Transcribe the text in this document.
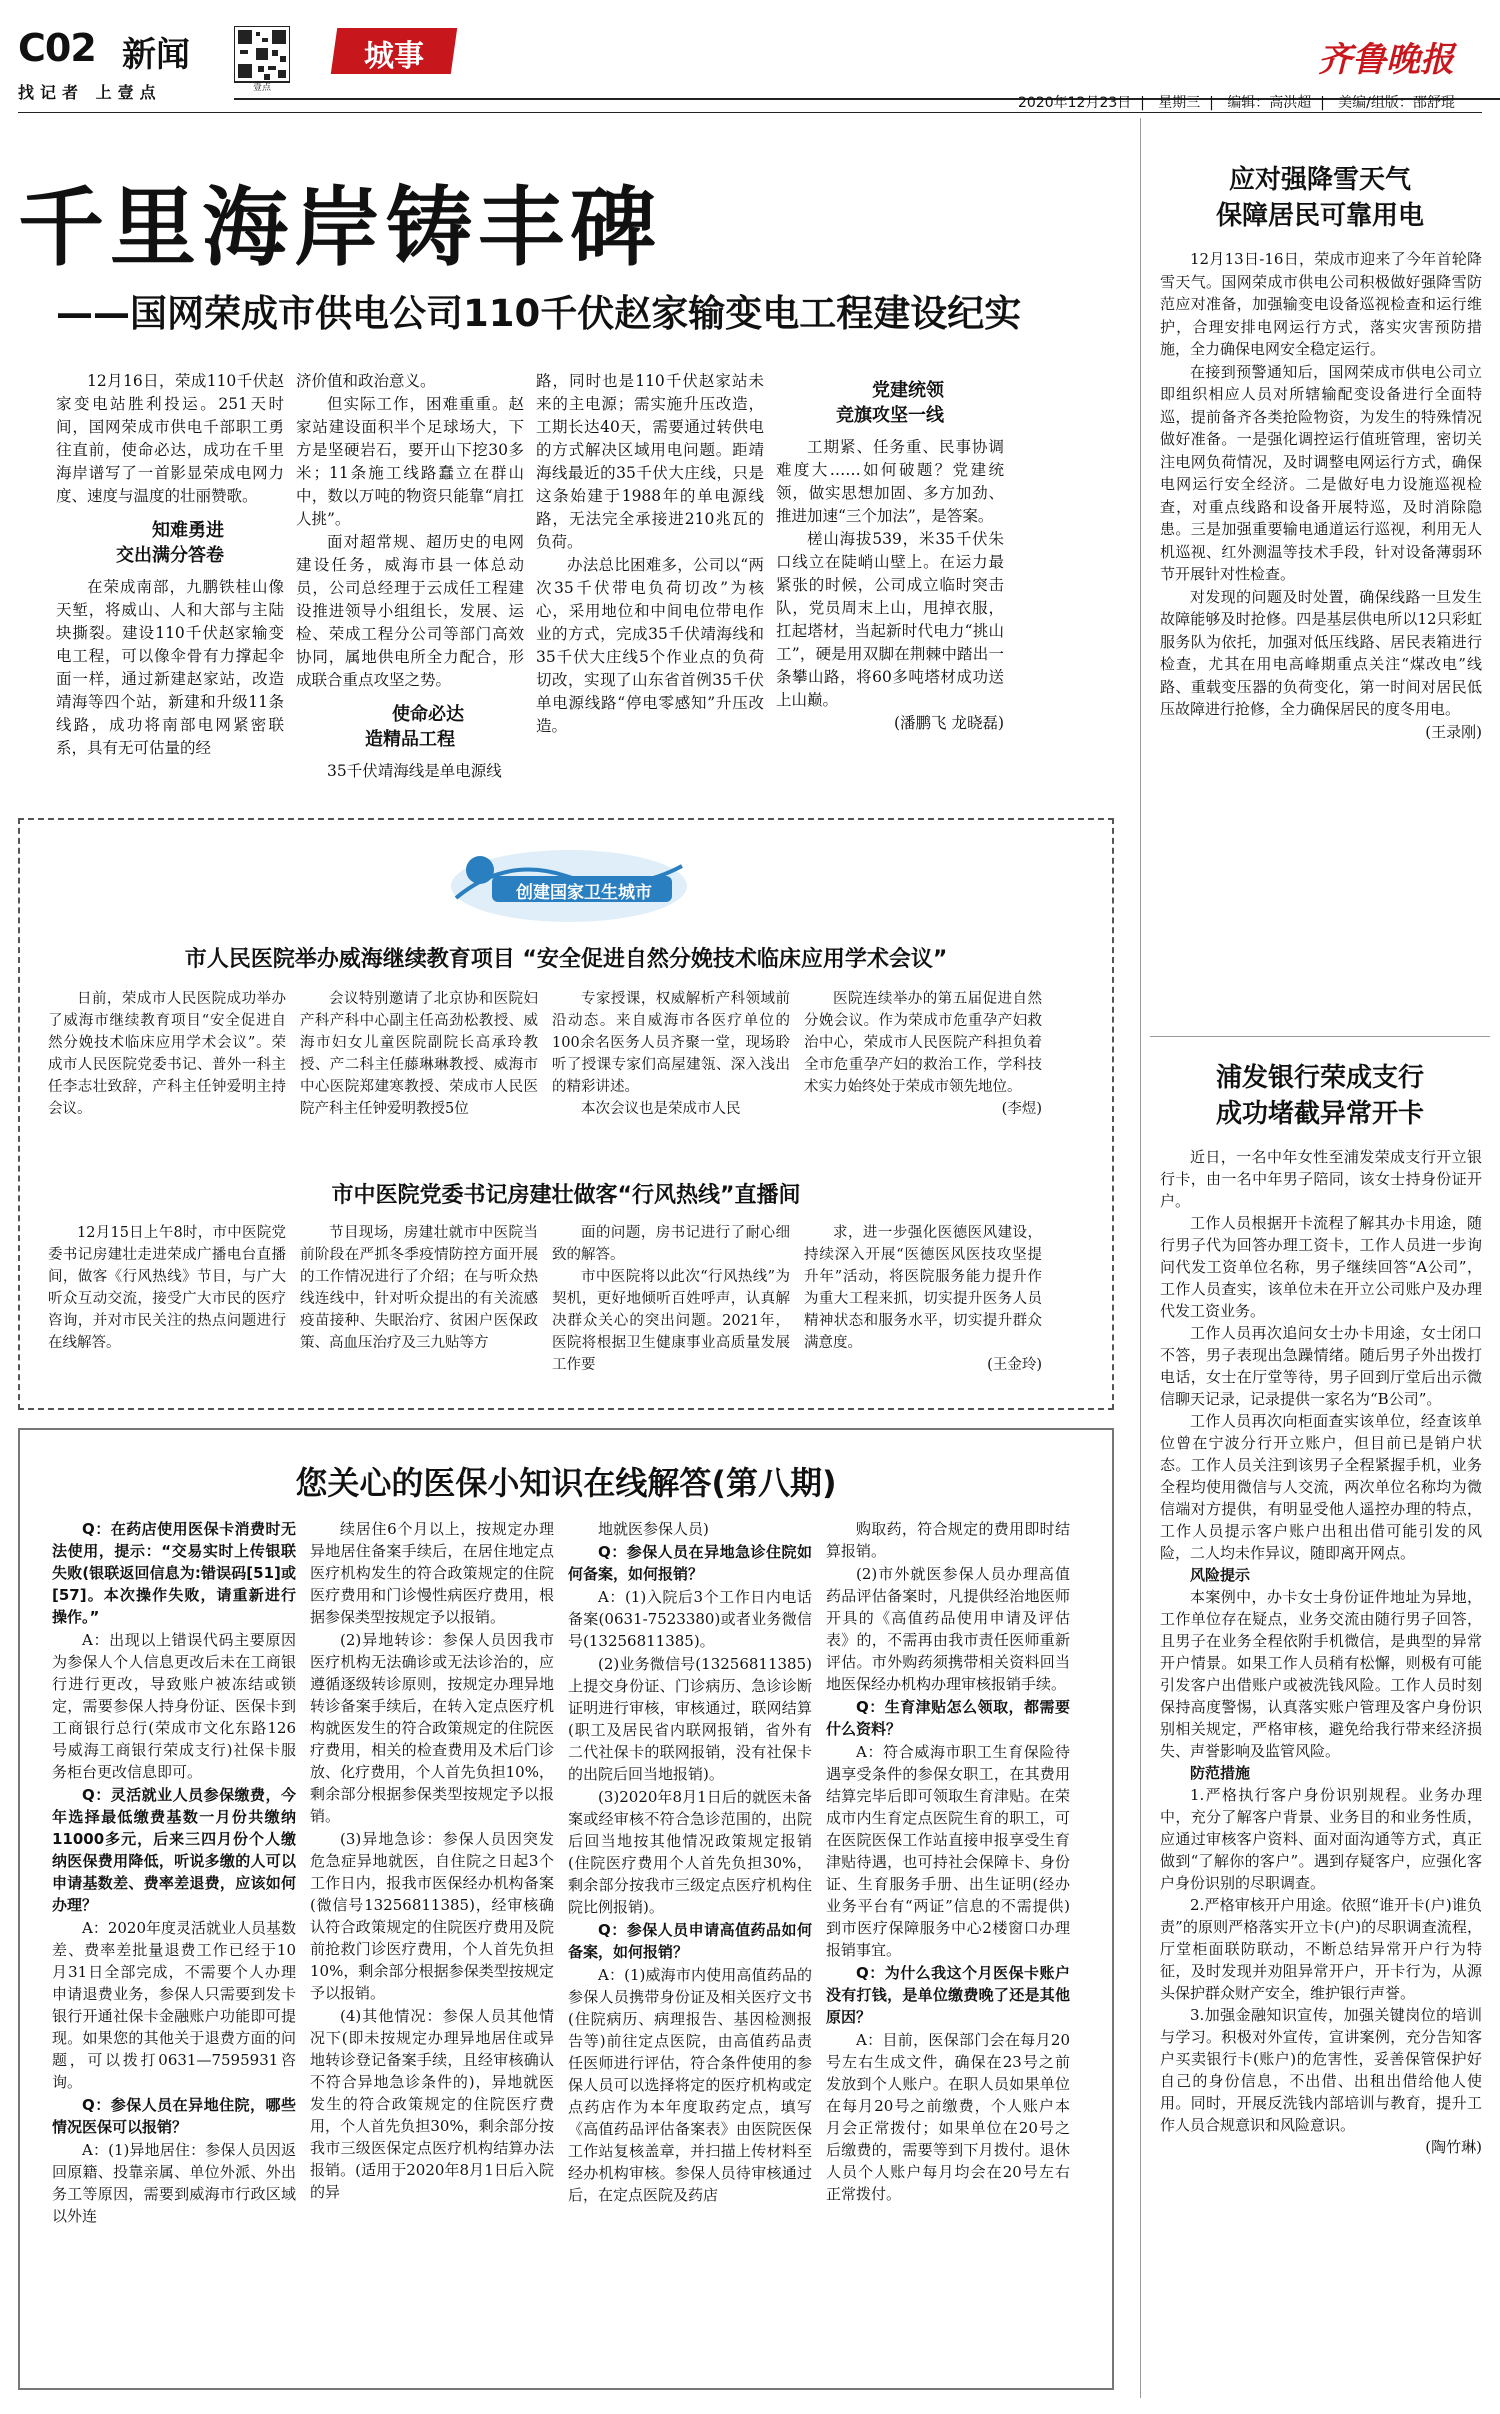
C02 新闻
找记者 上壹点	壹点
城事	齐鲁晚报
2020年12月23日  |   星期三  |   编辑：高洪超  |   美编/组版：邵舒琨
千里海岸铸丰碑
——国网荣成市供电公司110千伏赵家输变电工程建设纪实

12月16日，荣成110千伏赵家变电站胜利投运。251天时间，国网荣成市供电千部职工勇往直前，使命必达，成功在千里海岸谱写了一首影显荣成电网力度、速度与温度的壮丽赞歌。

知难勇进
交出满分答卷

在荣成南部，九鹏铁桂山像天堑，将威山、人和大部与主陆块撕裂。建设110千伏赵家输变电工程，可以像伞骨有力撑起伞面一样，通过新建赵家站，改造靖海等四个站，新建和升级11条线路，成功将南部电网紧密联系，具有无可估量的经

济价值和政治意义。

但实际工作，困难重重。赵家站建设面积半个足球场大，下方是坚硬岩石，要开山下挖30多米；11条施工线路蠢立在群山中，数以万吨的物资只能靠“肩扛人挑”。

面对超常规、超历史的电网建设任务，威海市县一体总动员，公司总经理于云成任工程建设推进领导小组组长，发展、运检、荣成工程分公司等部门高效协同，属地供电所全力配合，形成联合重点攻坚之势。

使命必达
造精品工程

35千伏靖海线是单电源线

路，同时也是110千伏赵家站未来的主电源；需实施升压改造，工期长达40天，需要通过转供电的方式解决区域用电问题。距靖海线最近的35千伏大庄线，只是这条始建于1988年的单电源线路，无法完全承接进210兆瓦的负荷。

办法总比困难多，公司以“两次35千伏带电负荷切改”为核心，采用地位和中间电位带电作业的方式，完成35千伏靖海线和35千伏大庄线5个作业点的负荷切改，实现了山东省首例35千伏单电源线路“停电零感知”升压改造。

党建统领
竞旗攻坚一线

工期紧、任务重、民事协调难度大……如何破题？党建统领，做实思想加固、多方加劲、推进加速“三个加法”，是答案。

槎山海拔539，米35千伏朱口线立在陡峭山壁上。在运力最紧张的时候，公司成立临时突击队，党员周末上山，甩掉衣服，扛起塔材，当起新时代电力“挑山工”，硬是用双脚在荆棘中踏出一条攀山路，将60多吨塔材成功送上山巅。

(潘鹏飞 龙晓磊)

创建国家卫生城市
市人民医院举办威海继续教育项目 “安全促进自然分娩技术临床应用学术会议”

日前，荣成市人民医院成功举办了威海市继续教育项目“安全促进自然分娩技术临床应用学术会议”。荣成市人民医院党委书记、普外一科主任李志壮致辞，产科主任钟爱明主持会议。

会议特别邀请了北京协和医院妇产科产科中心副主任高劲松教授、威海市妇女儿童医院副院长高承玲教授、产二科主任藤琳琳教授、威海市中心医院郑建寒教授、荣成市人民医院产科主任钟爱明教授5位

专家授课，权威解析产科领域前沿动态。来自威海市各医疗单位的100余名医务人员齐聚一堂，现场聆听了授课专家们高屋建瓴、深入浅出的精彩讲述。

本次会议也是荣成市人民

医院连续举办的第五届促进自然分娩会议。作为荣成市危重孕产妇救治中心，荣成市人民医院产科担负着全市危重孕产妇的救治工作，学科技术实力始终处于荣成市领先地位。

(李煜)

市中医院党委书记房建壮做客“行风热线”直播间

12月15日上午8时，市中医院党委书记房建壮走进荣成广播电台直播间，做客《行风热线》节目，与广大听众互动交流，接受广大市民的医疗咨询，并对市民关注的热点问题进行在线解答。

节目现场，房建壮就市中医院当前阶段在严抓冬季疫情防控方面开展的工作情况进行了介绍；在与听众热线连线中，针对听众提出的有关流感疫苗接种、失眠治疗、贫困户医保政策、高血压治疗及三九贴等方

面的问题，房书记进行了耐心细致的解答。

市中医院将以此次“行风热线”为契机，更好地倾听百姓呼声，认真解决群众关心的突出问题。2021年，医院将根据卫生健康事业高质量发展工作要

求，进一步强化医德医风建设，持续深入开展“医德医风医技攻坚提升年”活动，将医院服务能力提升作为重大工程来抓，切实提升医务人员精神状态和服务水平，切实提升群众满意度。

(王金玲)

您关心的医保小知识在线解答(第八期)

Q：在药店使用医保卡消费时无法使用，提示：“交易实时上传银联失败(银联返回信息为:错误码[51]或[57]。本次操作失败，请重新进行操作。”

A：出现以上错误代码主要原因为参保人个人信息更改后未在工商银行进行更改，导致账户被冻结或锁定，需要参保人持身份证、医保卡到工商银行总行(荣成市文化东路126号威海工商银行荣成支行)社保卡服务柜台更改信息即可。

Q：灵活就业人员参保缴费，今年选择最低缴费基数一月份共缴纳11000多元，后来三四月份个人缴纳医保费用降低，听说多缴的人可以申请基数差、费率差退费，应该如何办理？

A：2020年度灵活就业人员基数差、费率差批量退费工作已经于10月31日全部完成，不需要个人办理申请退费业务，参保人只需要到发卡银行开通社保卡金融账户功能即可提现。如果您的其他关于退费方面的问题，可以拨打0631—7595931咨询。

Q：参保人员在异地住院，哪些情况医保可以报销？

A：(1)异地居住：参保人员因返回原籍、投靠亲属、单位外派、外出务工等原因，需要到威海市行政区域以外连

续居住6个月以上，按规定办理异地居住备案手续后，在居住地定点医疗机构发生的符合政策规定的住院医疗费用和门诊慢性病医疗费用，根据参保类型按规定予以报销。

(2)异地转诊：参保人员因我市医疗机构无法确诊或无法诊治的，应遵循逐级转诊原则，按规定办理异地转诊备案手续后，在转入定点医疗机构就医发生的符合政策规定的住院医疗费用，相关的检查费用及术后门诊放、化疗费用，个人首先负担10%，剩余部分根据参保类型按规定予以报销。

(3)异地急诊：参保人员因突发危急症异地就医，自住院之日起3个工作日内，报我市医保经办机构备案(微信号13256811385)，经审核确认符合政策规定的住院医疗费用及院前抢救门诊医疗费用，个人首先负担10%，剩余部分根据参保类型按规定予以报销。

(4)其他情况：参保人员其他情况下(即未按规定办理异地居住或异地转诊登记备案手续，且经审核确认不符合异地急诊条件的)，异地就医发生的符合政策规定的住院医疗费用，个人首先负担30%，剩余部分按我市三级医保定点医疗机构结算办法报销。(适用于2020年8月1日后入院的异

地就医参保人员)

Q：参保人员在异地急诊住院如何备案，如何报销？

A：(1)入院后3个工作日内电话备案(0631-7523380)或者业务微信号(13256811385)。

(2)业务微信号(13256811385)上提交身份证、门诊病历、急诊诊断证明进行审核，审核通过，联网结算(职工及居民省内联网报销，省外有二代社保卡的联网报销，没有社保卡的出院后回当地报销)。

(3)2020年8月1日后的就医未备案或经审核不符合急诊范围的，出院后回当地按其他情况政策规定报销(住院医疗费用个人首先负担30%，剩余部分按我市三级定点医疗机构住院比例报销)。

Q：参保人员申请高值药品如何备案，如何报销？

A：(1)威海市内使用高值药品的参保人员携带身份证及相关医疗文书(住院病历、病理报告、基因检测报告等)前往定点医院，由高值药品责任医师进行评估，符合条件使用的参保人员可以选择将定的医疗机构或定点药店作为本年度取药定点，填写《高值药品评估备案表》由医院医保工作站复核盖章，并扫描上传材料至经办机构审核。参保人员待审核通过后，在定点医院及药店

购取药，符合规定的费用即时结算报销。

(2)市外就医参保人员办理高值药品评估备案时，凡提供经治地医师开具的《高值药品使用申请及评估表》的，不需再由我市责任医师重新评估。市外购药须携带相关资料回当地医保经办机构办理审核报销手续。

Q：生育津贴怎么领取，都需要什么资料？

A：符合威海市职工生育保险待遇享受条件的参保女职工，在其费用结算完毕后即可领取生育津贴。在荣成市内生育定点医院生育的职工，可在医院医保工作站直接申报享受生育津贴待遇，也可持社会保障卡、身份证、生育服务手册、出生证明(经办业务平台有“两证”信息的不需提供)到市医疗保障服务中心2楼窗口办理报销事宜。

Q：为什么我这个月医保卡账户没有打钱，是单位缴费晚了还是其他原因？

A：目前，医保部门会在每月20号左右生成文件，确保在23号之前发放到个人账户。在职人员如果单位在每月20号之前缴费，个人账户本月会正常拨付；如果单位在20号之后缴费的，需要等到下月拨付。退休人员个人账户每月均会在20号左右正常拨付。

应对强降雪天气
保障居民可靠用电

12月13日-16日，荣成市迎来了今年首轮降雪天气。国网荣成市供电公司积极做好强降雪防范应对准备，加强输变电设备巡视检查和运行维护，合理安排电网运行方式，落实灾害预防措施，全力确保电网安全稳定运行。

在接到预警通知后，国网荣成市供电公司立即组织相应人员对所辖输配变设备进行全面特巡，提前备齐各类抢险物资，为发生的特殊情况做好准备。一是强化调控运行值班管理，密切关注电网负荷情况，及时调整电网运行方式，确保电网运行安全经济。二是做好电力设施巡视检查，对重点线路和设备开展特巡，及时消除隐患。三是加强重要输电通道运行巡视，利用无人机巡视、红外测温等技术手段，针对设备薄弱环节开展针对性检查。

对发现的问题及时处置，确保线路一旦发生故障能够及时抢修。四是基层供电所以12只彩虹服务队为依托，加强对低压线路、居民表箱进行检查，尤其在用电高峰期重点关注“煤改电”线路、重载变压器的负荷变化，第一时间对居民低压故障进行抢修，全力确保居民的度冬用电。

(王录刚)

浦发银行荣成支行
成功堵截异常开卡

近日，一名中年女性至浦发荣成支行开立银行卡，由一名中年男子陪同，该女士持身份证开户。

工作人员根据开卡流程了解其办卡用途，随行男子代为回答办理工资卡，工作人员进一步询问代发工资单位名称，男子继续回答“A公司”，工作人员查实，该单位未在开立公司账户及办理代发工资业务。

工作人员再次追问女士办卡用途，女士闭口不答，男子表现出急躁情绪。随后男子外出拨打电话，女士在厅堂等待，男子回到厅堂后出示微信聊天记录，记录提供一家名为“B公司”。

工作人员再次向柜面查实该单位，经查该单位曾在宁波分行开立账户，但目前已是销户状态。工作人员关注到该男子全程紧握手机，业务全程均使用微信与人交流，两次单位名称均为微信端对方提供，有明显受他人遥控办理的特点，工作人员提示客户账户出租出借可能引发的风险，二人均未作异议，随即离开网点。

风险提示

本案例中，办卡女士身份证件地址为异地，工作单位存在疑点，业务交流由随行男子回答，且男子在业务全程依附手机微信，是典型的异常开户情景。如果工作人员稍有松懈，则极有可能引发客户出借账户或被洗钱风险。工作人员时刻保持高度警惕，认真落实账户管理及客户身份识别相关规定，严格审核，避免给我行带来经济损失、声誉影响及监管风险。

防范措施

1.严格执行客户身份识别规程。业务办理中，充分了解客户背景、业务目的和业务性质，应通过审核客户资料、面对面沟通等方式，真正做到“了解你的客户”。遇到存疑客户，应强化客户身份识别的尽职调查。

2.严格审核开户用途。依照“谁开卡(户)谁负责”的原则严格落实开立卡(户)的尽职调查流程，厅堂柜面联防联动，不断总结异常开户行为特征，及时发现并劝阻异常开户，开卡行为，从源头保护群众财产安全，维护银行声誉。

3.加强金融知识宣传，加强关键岗位的培训与学习。积极对外宣传，宣讲案例，充分告知客户买卖银行卡(账户)的危害性，妥善保管保护好自己的身份信息，不出借、出租出借给他人使用。同时，开展反洗钱内部培训与教育，提升工作人员合规意识和风险意识。

(陶竹琳)
